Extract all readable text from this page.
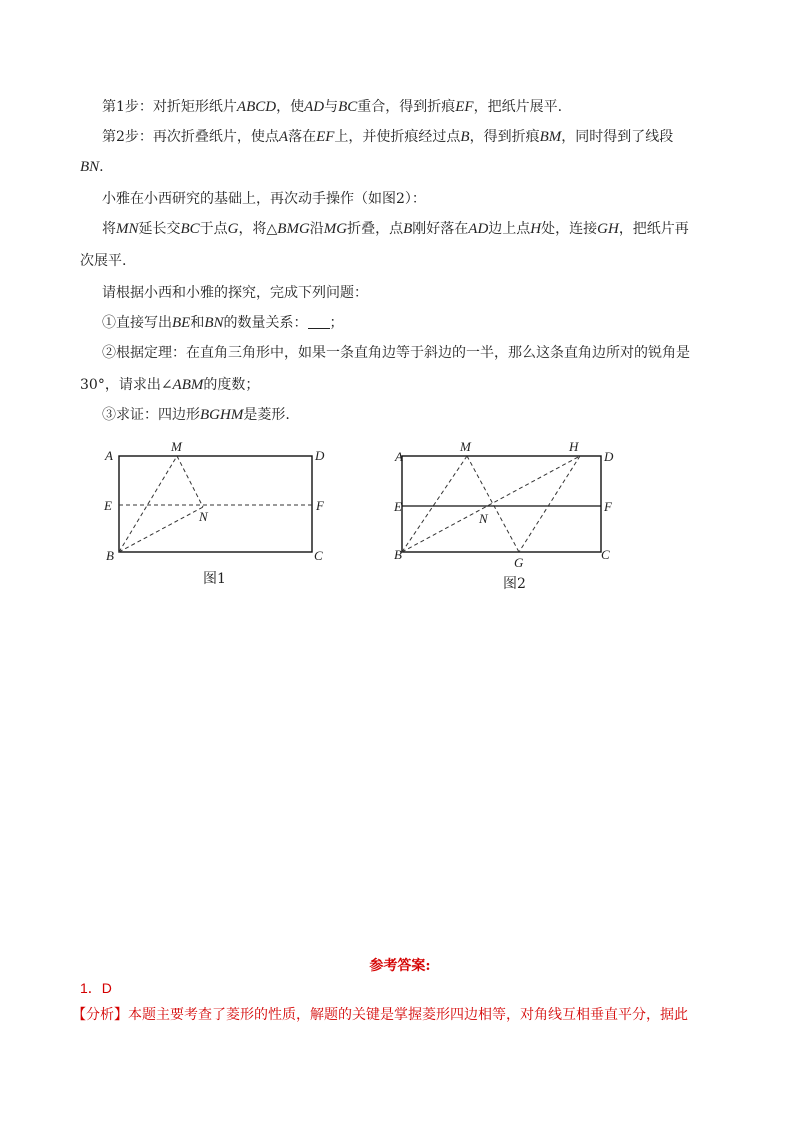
第1步：对折矩形纸片ABCD，使AD与BC重合，得到折痕EF，把纸片展平.
第2步：再次折叠纸片，使点A落在EF上，并使折痕经过点B，得到折痕BM，同时得到了线段
BN.
小雅在小西研究的基础上，再次动手操作（如图2）：
将MN延长交BC于点G，将△BMG沿MG折叠，点B刚好落在AD边上点H处，连接GH，把纸片再
次展平.
请根据小西和小雅的探究，完成下列问题：
①直接写出BE和BN的数量关系： ；
②根据定理：在直角三角形中，如果一条直角边等于斜边的一半，那么这条直角边所对的锐角是
30°，请求出∠ABM的度数；
③求证：四边形BGHM是菱形.
A
M
D
E
N
F
B	C
图1
A
M	H
D
E
N
F
B
G
C
图2
参考答案:
1．D
【分析】本题主要考查了菱形的性质，解题的关键是掌握菱形四边相等，对角线互相垂直平分，据此
